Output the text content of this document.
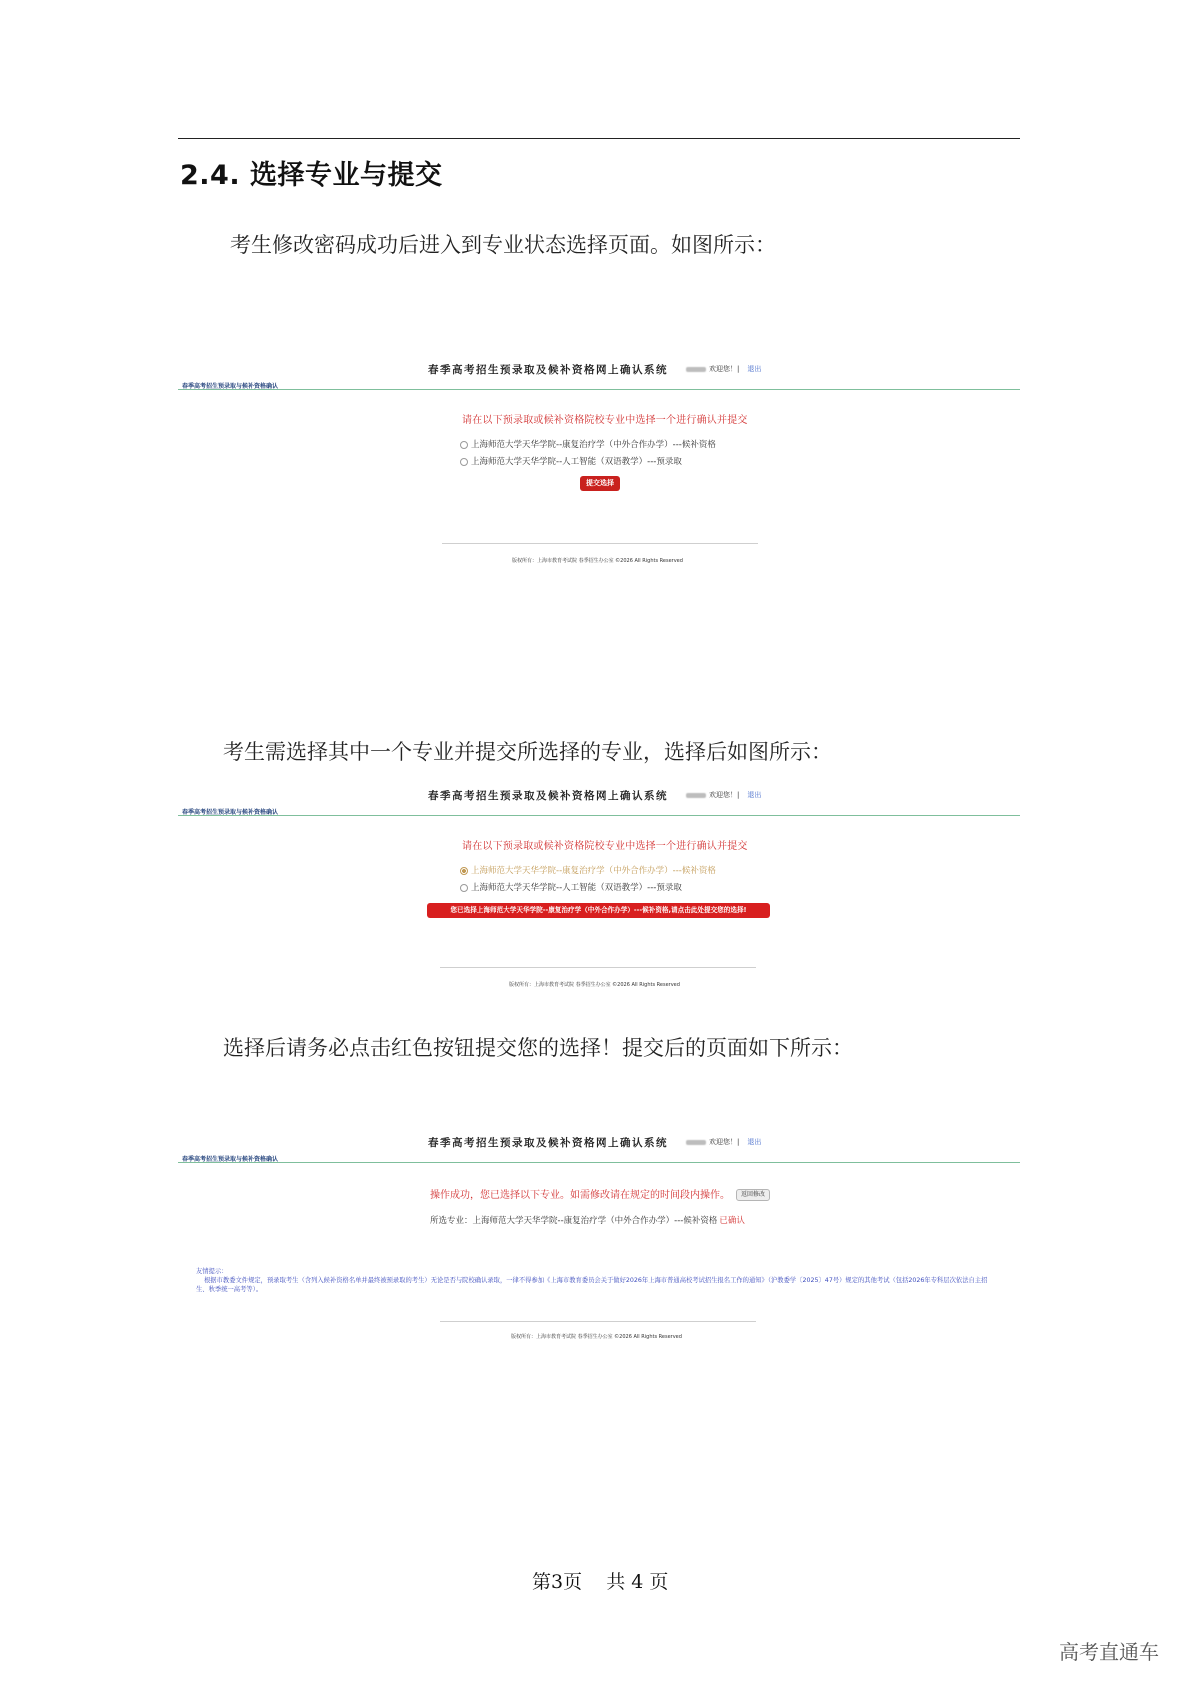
2.4. 选择专业与提交
考生修改密码成功后进入到专业状态选择页面。如图所示：
春季高考招生预录取及候补资格网上确认系统	欢迎您！| 退出
春季高考招生预录取与候补资格确认
请在以下预录取或候补资格院校专业中选择一个进行确认并提交
上海师范大学天华学院--康复治疗学（中外合作办学）---候补资格
上海师范大学天华学院--人工智能（双语教学）---预录取
提交选择
版权所有：上海市教育考试院 春季招生办公室 ©2026 All Rights Reserved
考生需选择其中一个专业并提交所选择的专业，选择后如图所示：
春季高考招生预录取及候补资格网上确认系统	欢迎您！| 退出
春季高考招生预录取与候补资格确认
请在以下预录取或候补资格院校专业中选择一个进行确认并提交
上海师范大学天华学院--康复治疗学（中外合作办学）---候补资格
上海师范大学天华学院--人工智能（双语教学）---预录取
您已选择上海师范大学天华学院--康复治疗学（中外合作办学）---候补资格,请点击此处提交您的选择!
版权所有：上海市教育考试院 春季招生办公室 ©2026 All Rights Reserved
选择后请务必点击红色按钮提交您的选择！提交后的页面如下所示：
春季高考招生预录取及候补资格网上确认系统	欢迎您！| 退出
春季高考招生预录取与候补资格确认
操作成功，您已选择以下专业。如需修改请在规定的时间段内操作。 返回修改
所选专业：上海师范大学天华学院--康复治疗学（中外合作办学）---候补资格 已确认
友情提示：
根据市教委文件规定，预录取考生（含列入候补资格名单并最终被预录取的考生）无论是否与院校确认录取，一律不得参加《上海市教育委员会关于做好2026年上海市普通高校考试招生报名工作的通知》（沪教委学〔2025〕47号）规定的其他考试（包括2026年专科层次依法自主招生、秋季统一高考等）。
版权所有：上海市教育考试院 春季招生办公室 ©2026 All Rights Reserved
第3页    共 4 页
高考直通车
